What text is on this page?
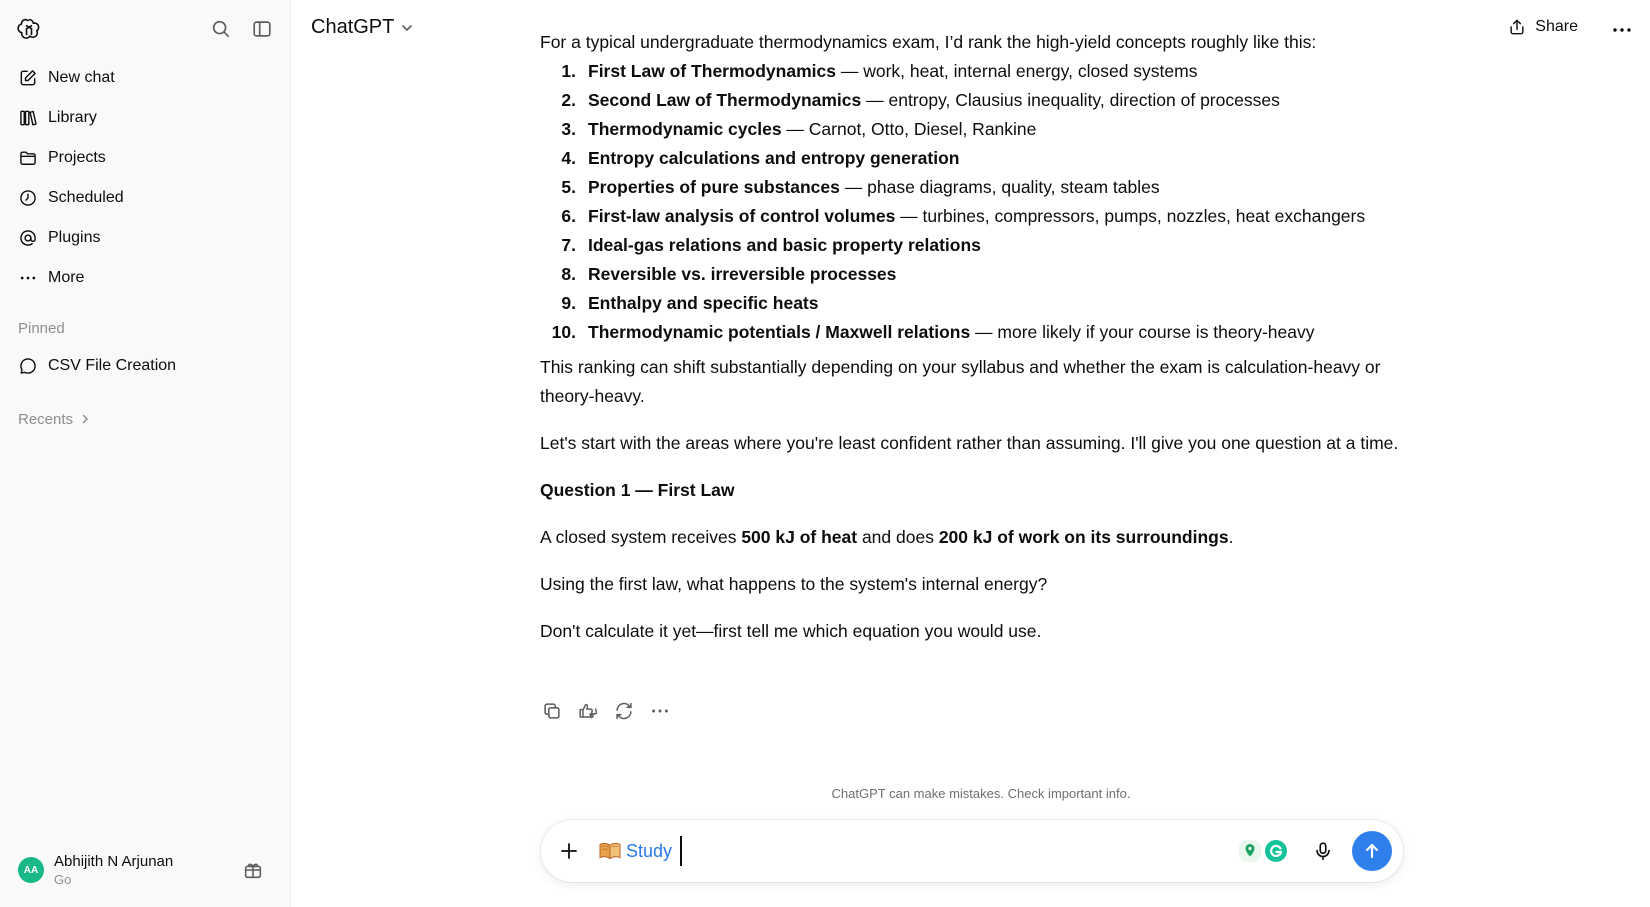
New chat
Library
Projects
Scheduled
Plugins
More
Pinned
CSV File Creation
Recents
AA	Abhijith N Arjunan
Go
ChatGPT	Share

For a typical undergraduate thermodynamics exam, I’d rank the high-yield concepts roughly like this:

1. First Law of Thermodynamics — work, heat, internal energy, closed systems
2. Second Law of Thermodynamics — entropy, Clausius inequality, direction of processes
3. Thermodynamic cycles — Carnot, Otto, Diesel, Rankine
4. Entropy calculations and entropy generation
5. Properties of pure substances — phase diagrams, quality, steam tables
6. First-law analysis of control volumes — turbines, compressors, pumps, nozzles, heat exchangers
7. Ideal-gas relations and basic property relations
8. Reversible vs. irreversible processes
9. Enthalpy and specific heats
10. Thermodynamic potentials / Maxwell relations — more likely if your course is theory-heavy

This ranking can shift substantially depending on your syllabus and whether the exam is calculation-heavy or theory-heavy.

Let's start with the areas where you're least confident rather than assuming. I'll give you one question at a time.

Question 1 — First Law

A closed system receives 500 kJ of heat and does 200 kJ of work on its surroundings.

Using the first law, what happens to the system's internal energy?

Don't calculate it yet—first tell me which equation you would use.

ChatGPT can make mistakes. Check important info.
Study
